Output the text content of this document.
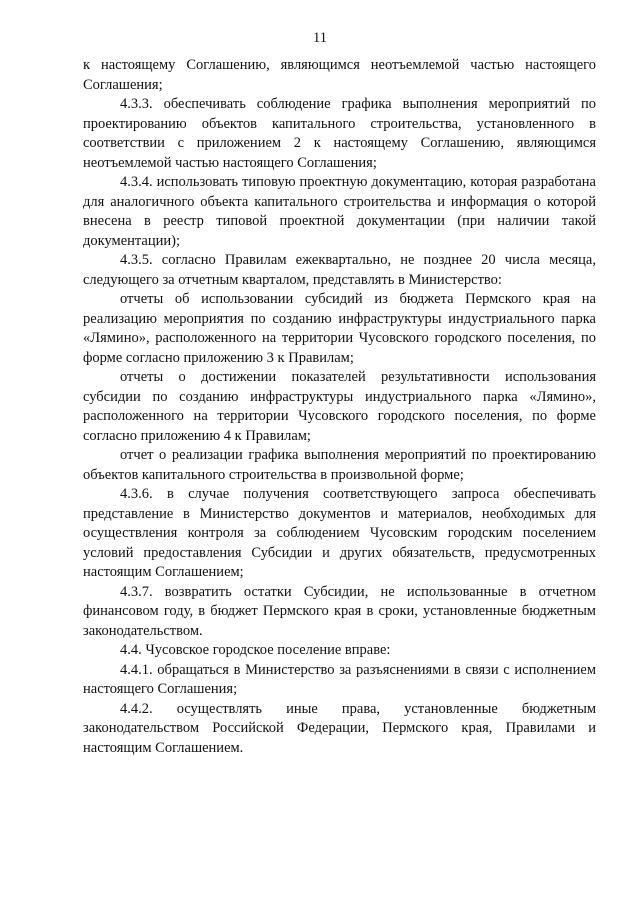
11

к настоящему Соглашению, являющимся неотъемлемой частью настоящего Соглашения;

4.3.3. обеспечивать соблюдение графика выполнения мероприятий по проектированию объектов капитального строительства, установленного в соответствии с приложением 2 к настоящему Соглашению, являющимся неотъемлемой частью настоящего Соглашения;

4.3.4. использовать типовую проектную документацию, которая разработана для аналогичного объекта капитального строительства и информация о которой внесена в реестр типовой проектной документации (при наличии такой документации);

4.3.5. согласно Правилам ежеквартально, не позднее 20 числа месяца, следующего за отчетным кварталом, представлять в Министерство:

отчеты об использовании субсидий из бюджета Пермского края на реализацию мероприятия по созданию инфраструктуры индустриального парка «Лямино», расположенного на территории Чусовского городского поселения, по форме согласно приложению 3 к Правилам;

отчеты о достижении показателей результативности использования субсидии по созданию инфраструктуры индустриального парка «Лямино», расположенного на территории Чусовского городского поселения, по форме согласно приложению 4 к Правилам;

отчет о реализации графика выполнения мероприятий по проектированию объектов капитального строительства в произвольной форме;

4.3.6. в случае получения соответствующего запроса обеспечивать представление в Министерство документов и материалов, необходимых для осуществления контроля за соблюдением Чусовским городским поселением условий предоставления Субсидии и других обязательств, предусмотренных настоящим Соглашением;

4.3.7. возвратить остатки Субсидии, не использованные в отчетном финансовом году, в бюджет Пермского края в сроки, установленные бюджетным законодательством.

4.4. Чусовское городское поселение вправе:

4.4.1. обращаться в Министерство за разъяснениями в связи с исполнением настоящего Соглашения;

4.4.2. осуществлять иные права, установленные бюджетным законодательством Российской Федерации, Пермского края, Правилами и настоящим Соглашением.
